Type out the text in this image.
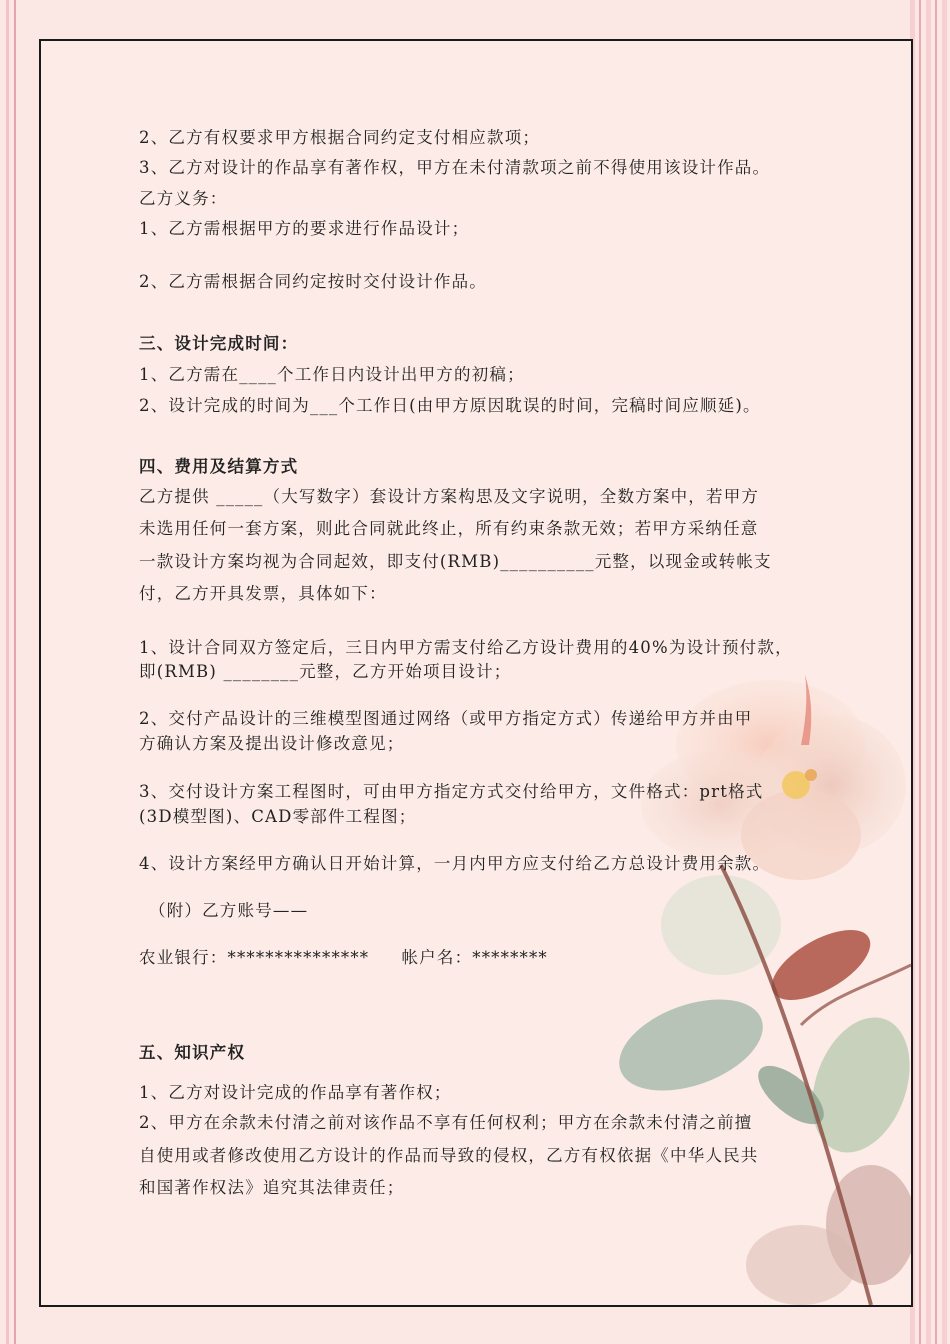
2、乙方有权要求甲方根据合同约定支付相应款项；
3、乙方对设计的作品享有著作权，甲方在未付清款项之前不得使用该设计作品。
乙方义务：
1、乙方需根据甲方的要求进行作品设计；
2、乙方需根据合同约定按时交付设计作品。
三、设计完成时间：
1、乙方需在____个工作日内设计出甲方的初稿；
2、设计完成的时间为___个工作日(由甲方原因耽误的时间，完稿时间应顺延)。
四、费用及结算方式
乙方提供 _____（大写数字）套设计方案构思及文字说明，全数方案中，若甲方
未选用任何一套方案，则此合同就此终止，所有约束条款无效；若甲方采纳任意
一款设计方案均视为合同起效，即支付(RMB)__________元整，以现金或转帐支
付，乙方开具发票，具体如下：
1、设计合同双方签定后，三日内甲方需支付给乙方设计费用的40%为设计预付款，
即(RMB) ________元整，乙方开始项目设计；
2、交付产品设计的三维模型图通过网络（或甲方指定方式）传递给甲方并由甲
方确认方案及提出设计修改意见；
3、交付设计方案工程图时，可由甲方指定方式交付给甲方，文件格式：prt格式
(3D模型图)、CAD零部件工程图；
4、设计方案经甲方确认日开始计算，一月内甲方应支付给乙方总设计费用余款。
（附）乙方账号——
农业银行：***************     帐户名：********
五、知识产权
1、乙方对设计完成的作品享有著作权；
2、甲方在余款未付清之前对该作品不享有任何权利；甲方在余款未付清之前擅
自使用或者修改使用乙方设计的作品而导致的侵权，乙方有权依据《中华人民共
和国著作权法》追究其法律责任；
